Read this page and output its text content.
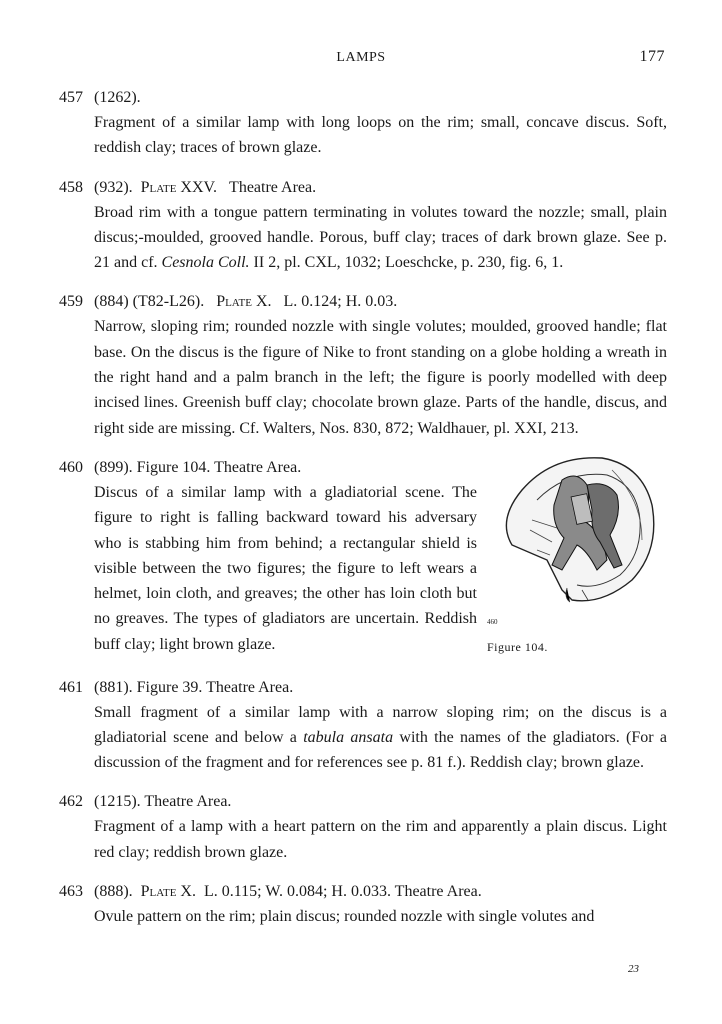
LAMPS	177
457 (1262).
Fragment of a similar lamp with long loops on the rim; small, concave discus. Soft, reddish clay; traces of brown glaze.
458 (932). Plate XXV. Theatre Area.
Broad rim with a tongue pattern terminating in volutes toward the nozzle; small, plain discus;-moulded, grooved handle. Porous, buff clay; traces of dark brown glaze. See p. 21 and cf. Cesnola Coll. II 2, pl. CXL, 1032; Loeschcke, p. 230, fig. 6, 1.
459 (884) (T82-L26). Plate X. L. 0.124; H. 0.03.
Narrow, sloping rim; rounded nozzle with single volutes; moulded, grooved handle; flat base. On the discus is the figure of Nike to front standing on a globe holding a wreath in the right hand and a palm branch in the left; the figure is poorly modelled with deep incised lines. Greenish buff clay; chocolate brown glaze. Parts of the handle, discus, and right side are missing. Cf. Walters, Nos. 830, 872; Waldhauer, pl. XXI, 213.
460 (899). Figure 104. Theatre Area.
460
Figure 104.
Discus of a similar lamp with a gladiatorial scene. The figure to right is falling backward toward his adversary who is stabbing him from behind; a rectangular shield is visible between the two figures; the figure to left wears a helmet, loin cloth, and greaves; the other has loin cloth but no greaves. The types of gladiators are uncertain. Reddish buff clay; light brown glaze.
461 (881). Figure 39. Theatre Area.
Small fragment of a similar lamp with a narrow sloping rim; on the discus is a gladiatorial scene and below a tabula ansata with the names of the gladiators. (For a discussion of the fragment and for references see p. 81 f.). Reddish clay; brown glaze.
462 (1215). Theatre Area.
Fragment of a lamp with a heart pattern on the rim and apparently a plain discus. Light red clay; reddish brown glaze.
463 (888). Plate X. L. 0.115; W. 0.084; H. 0.033. Theatre Area.
Ovule pattern on the rim; plain discus; rounded nozzle with single volutes and
23
